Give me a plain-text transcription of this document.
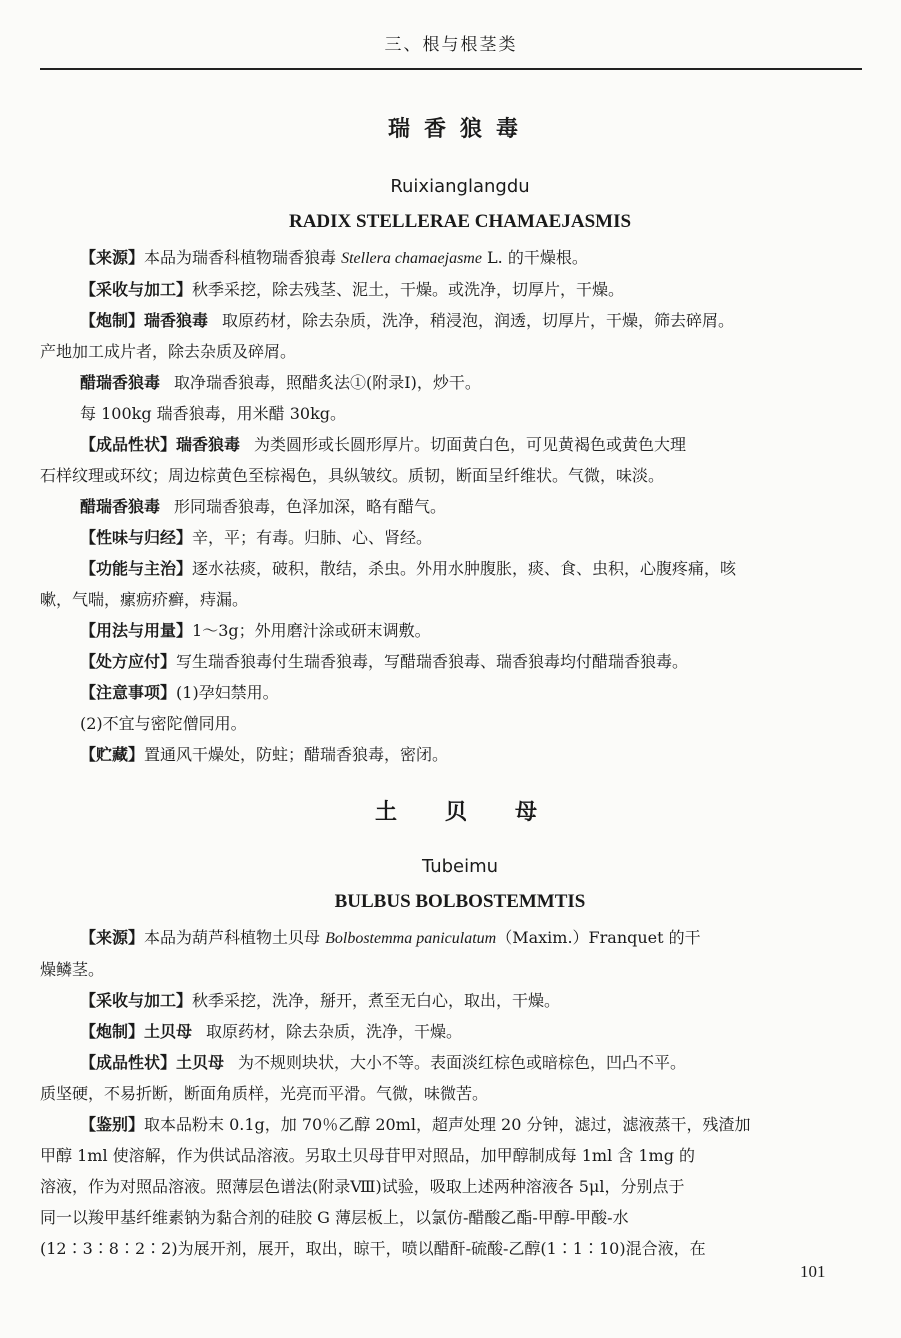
三、根与根茎类

瑞香狼毒

Ruixianglangdu

RADIX STELLERAE CHAMAEJASMIS

【来源】本品为瑞香科植物瑞香狼毒 Stellera chamaejasme L. 的干燥根。

【采收与加工】秋季采挖，除去残茎、泥土，干燥。或洗净，切厚片，干燥。

【炮制】瑞香狼毒 取原药材，除去杂质，洗净，稍浸泡，润透，切厚片，干燥，筛去碎屑。

产地加工成片者，除去杂质及碎屑。

醋瑞香狼毒 取净瑞香狼毒，照醋炙法①(附录Ⅰ)，炒干。

每 100kg 瑞香狼毒，用米醋 30kg。

【成品性状】瑞香狼毒 为类圆形或长圆形厚片。切面黄白色，可见黄褐色或黄色大理

石样纹理或环纹；周边棕黄色至棕褐色，具纵皱纹。质韧，断面呈纤维状。气微，味淡。

醋瑞香狼毒 形同瑞香狼毒，色泽加深，略有醋气。

【性味与归经】辛，平；有毒。归肺、心、肾经。

【功能与主治】逐水祛痰，破积，散结，杀虫。外用水肿腹胀，痰、食、虫积，心腹疼痛，咳

嗽，气喘，瘰疬疥癣，痔漏。

【用法与用量】1～3g；外用磨汁涂或研末调敷。

【处方应付】写生瑞香狼毒付生瑞香狼毒，写醋瑞香狼毒、瑞香狼毒均付醋瑞香狼毒。

【注意事项】(1)孕妇禁用。

(2)不宜与密陀僧同用。

【贮藏】置通风干燥处，防蛀；醋瑞香狼毒，密闭。

土贝母

Tubeimu

BULBUS BOLBOSTEMMTIS

【来源】本品为葫芦科植物土贝母 Bolbostemma paniculatum（Maxim.）Franquet 的干

燥鳞茎。

【采收与加工】秋季采挖，洗净，掰开，煮至无白心，取出，干燥。

【炮制】土贝母 取原药材，除去杂质，洗净，干燥。

【成品性状】土贝母 为不规则块状，大小不等。表面淡红棕色或暗棕色，凹凸不平。

质坚硬，不易折断，断面角质样，光亮而平滑。气微，味微苦。

【鉴别】取本品粉末 0.1g，加 70％乙醇 20ml，超声处理 20 分钟，滤过，滤液蒸干，残渣加

甲醇 1ml 使溶解，作为供试品溶液。另取土贝母苷甲对照品，加甲醇制成每 1ml 含 1mg 的

溶液，作为对照品溶液。照薄层色谱法(附录Ⅷ)试验，吸取上述两种溶液各 5μl，分别点于

同一以羧甲基纤维素钠为黏合剂的硅胶 G 薄层板上，以氯仿-醋酸乙酯-甲醇-甲酸-水

(12∶3∶8∶2∶2)为展开剂，展开，取出，晾干，喷以醋酐-硫酸-乙醇(1∶1∶10)混合液，在

101
